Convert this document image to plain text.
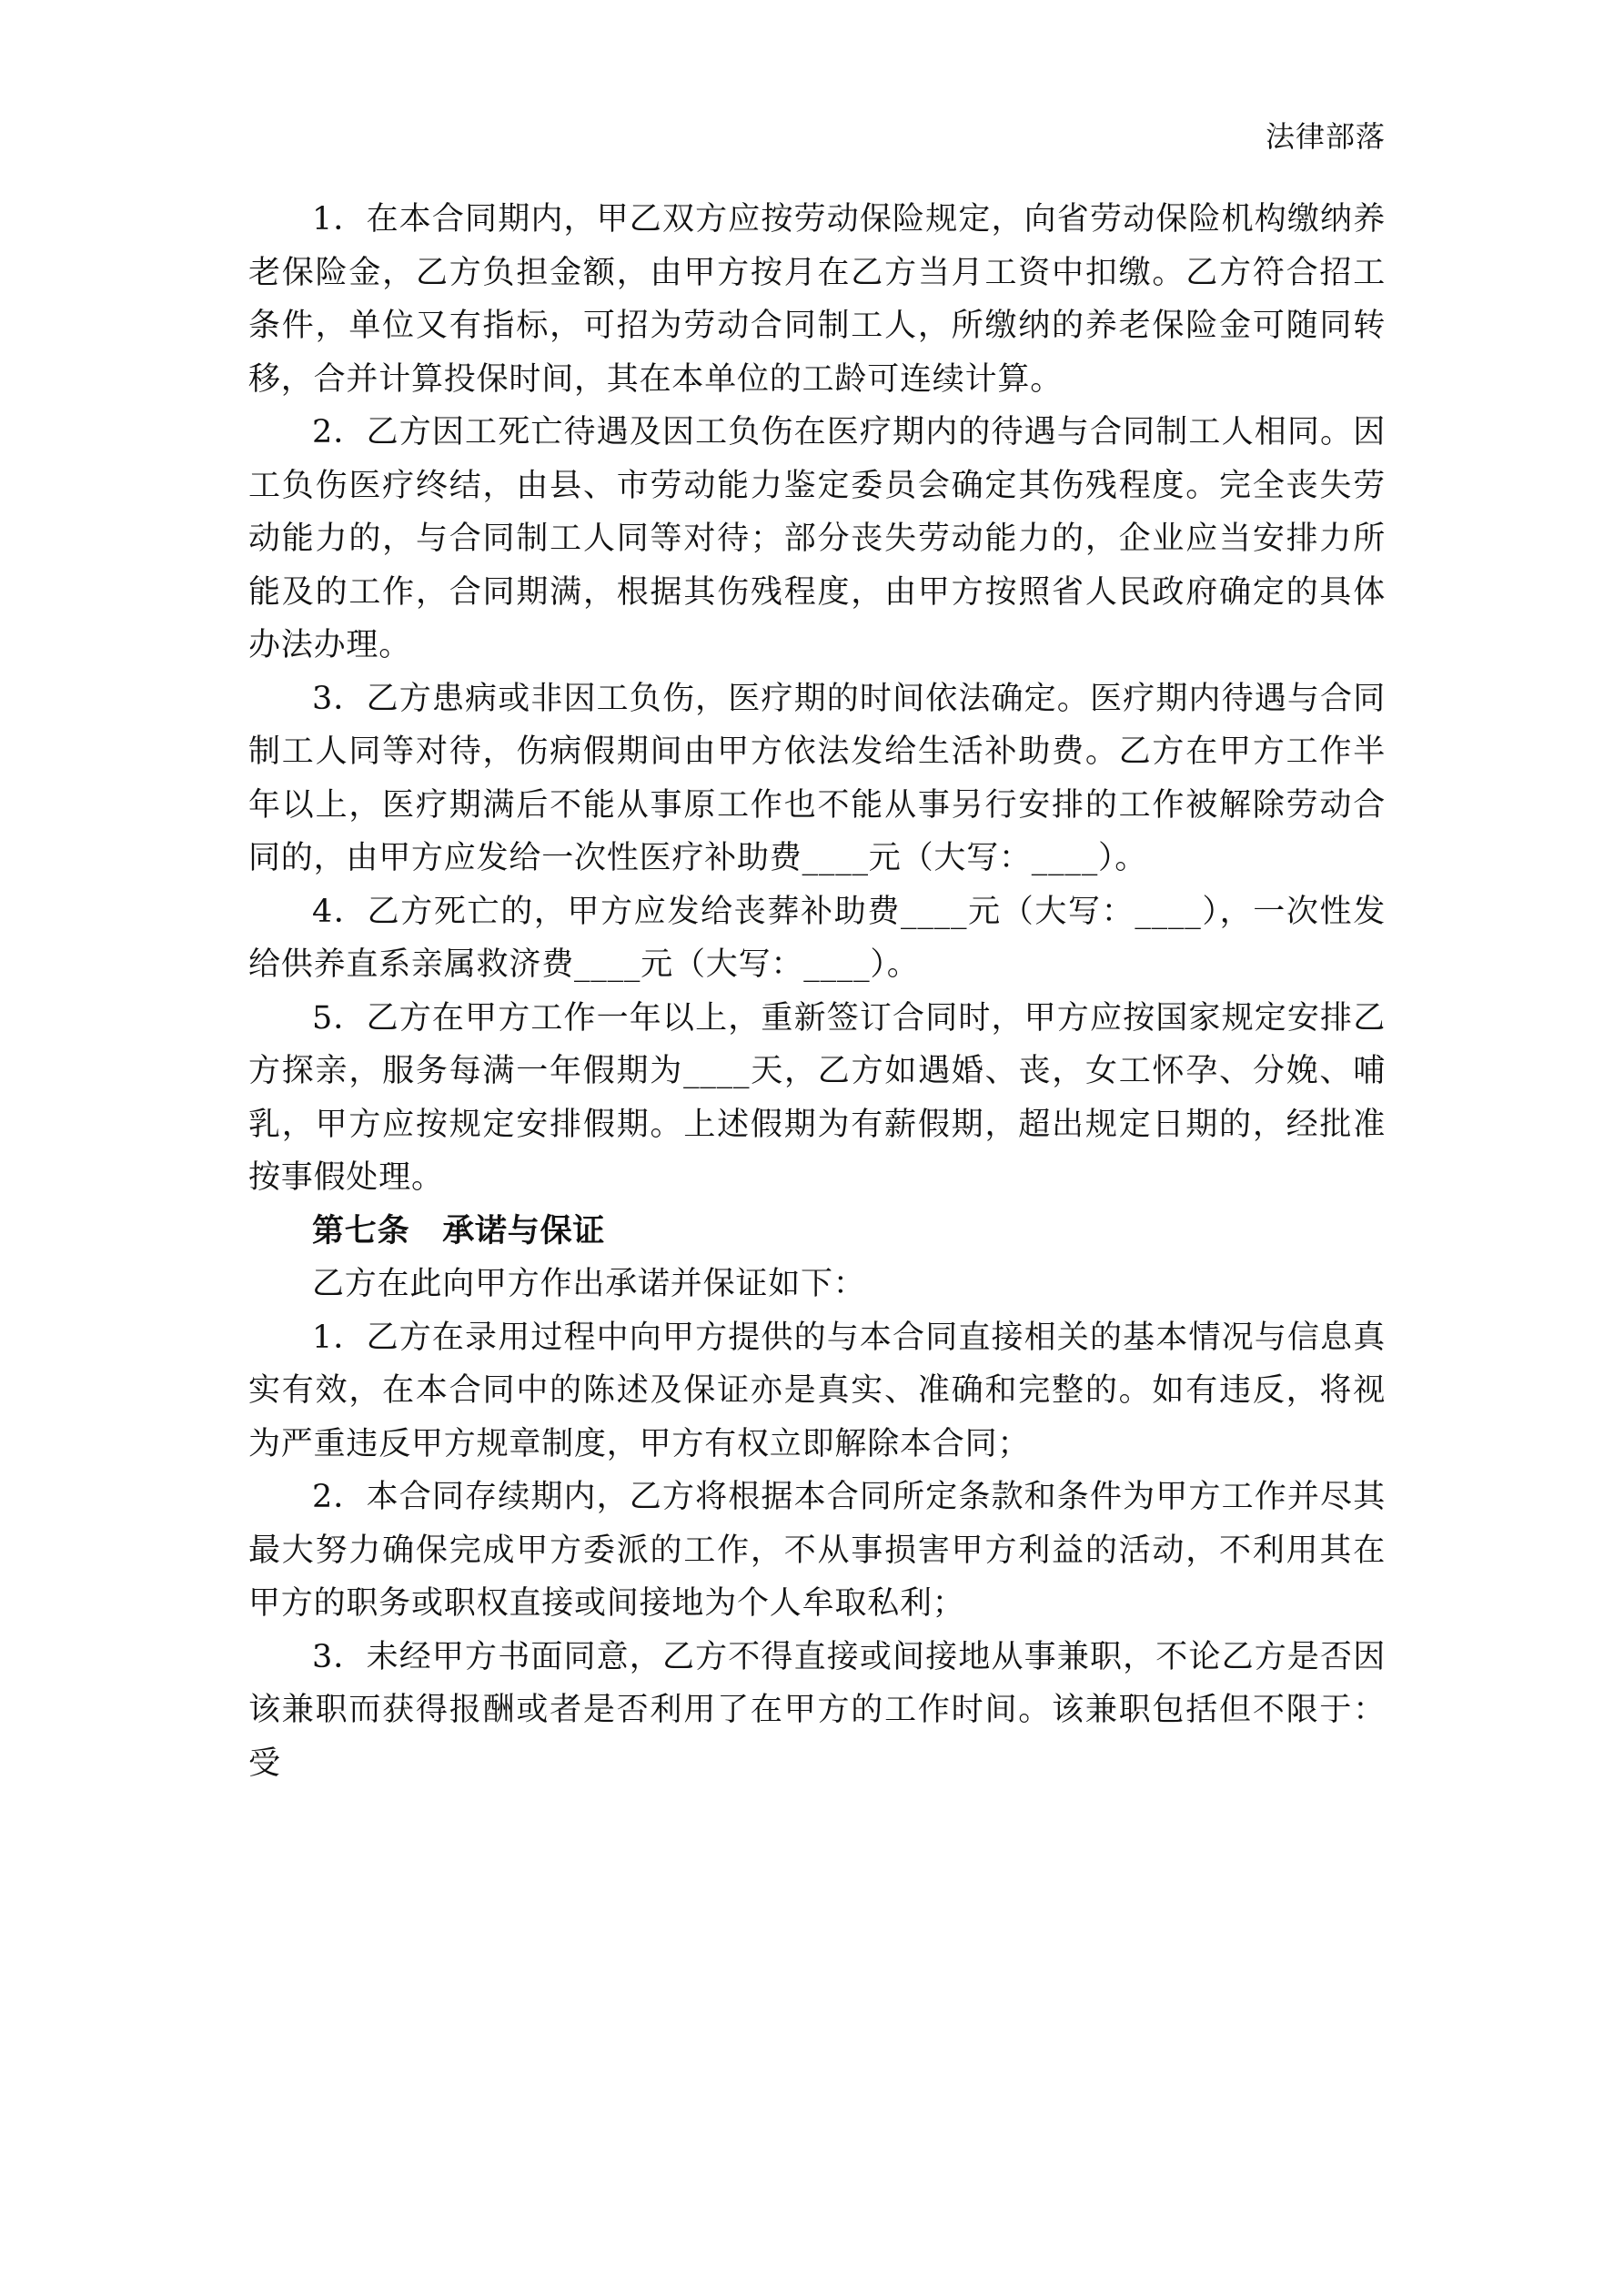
法律部落

1．在本合同期内，甲乙双方应按劳动保险规定，向省劳动保险机构缴纳养老保险金，乙方负担金额，由甲方按月在乙方当月工资中扣缴。乙方符合招工条件，单位又有指标，可招为劳动合同制工人，所缴纳的养老保险金可随同转移，合并计算投保时间，其在本单位的工龄可连续计算。

2．乙方因工死亡待遇及因工负伤在医疗期内的待遇与合同制工人相同。因工负伤医疗终结，由县、市劳动能力鉴定委员会确定其伤残程度。完全丧失劳动能力的，与合同制工人同等对待；部分丧失劳动能力的，企业应当安排力所能及的工作，合同期满，根据其伤残程度，由甲方按照省人民政府确定的具体办法办理。

3．乙方患病或非因工负伤，医疗期的时间依法确定。医疗期内待遇与合同制工人同等对待，伤病假期间由甲方依法发给生活补助费。乙方在甲方工作半年以上，医疗期满后不能从事原工作也不能从事另行安排的工作被解除劳动合同的，由甲方应发给一次性医疗补助费____元（大写：____）。

4．乙方死亡的，甲方应发给丧葬补助费____元（大写：____），一次性发给供养直系亲属救济费____元（大写：____）。

5．乙方在甲方工作一年以上，重新签订合同时，甲方应按国家规定安排乙方探亲，服务每满一年假期为____天，乙方如遇婚、丧，女工怀孕、分娩、哺乳，甲方应按规定安排假期。上述假期为有薪假期，超出规定日期的，经批准按事假处理。

第七条　承诺与保证

乙方在此向甲方作出承诺并保证如下：

1．乙方在录用过程中向甲方提供的与本合同直接相关的基本情况与信息真实有效，在本合同中的陈述及保证亦是真实、准确和完整的。如有违反，将视为严重违反甲方规章制度，甲方有权立即解除本合同；

2．本合同存续期内，乙方将根据本合同所定条款和条件为甲方工作并尽其最大努力确保完成甲方委派的工作，不从事损害甲方利益的活动，不利用其在甲方的职务或职权直接或间接地为个人牟取私利；

3．未经甲方书面同意，乙方不得直接或间接地从事兼职，不论乙方是否因该兼职而获得报酬或者是否利用了在甲方的工作时间。该兼职包括但不限于：受
